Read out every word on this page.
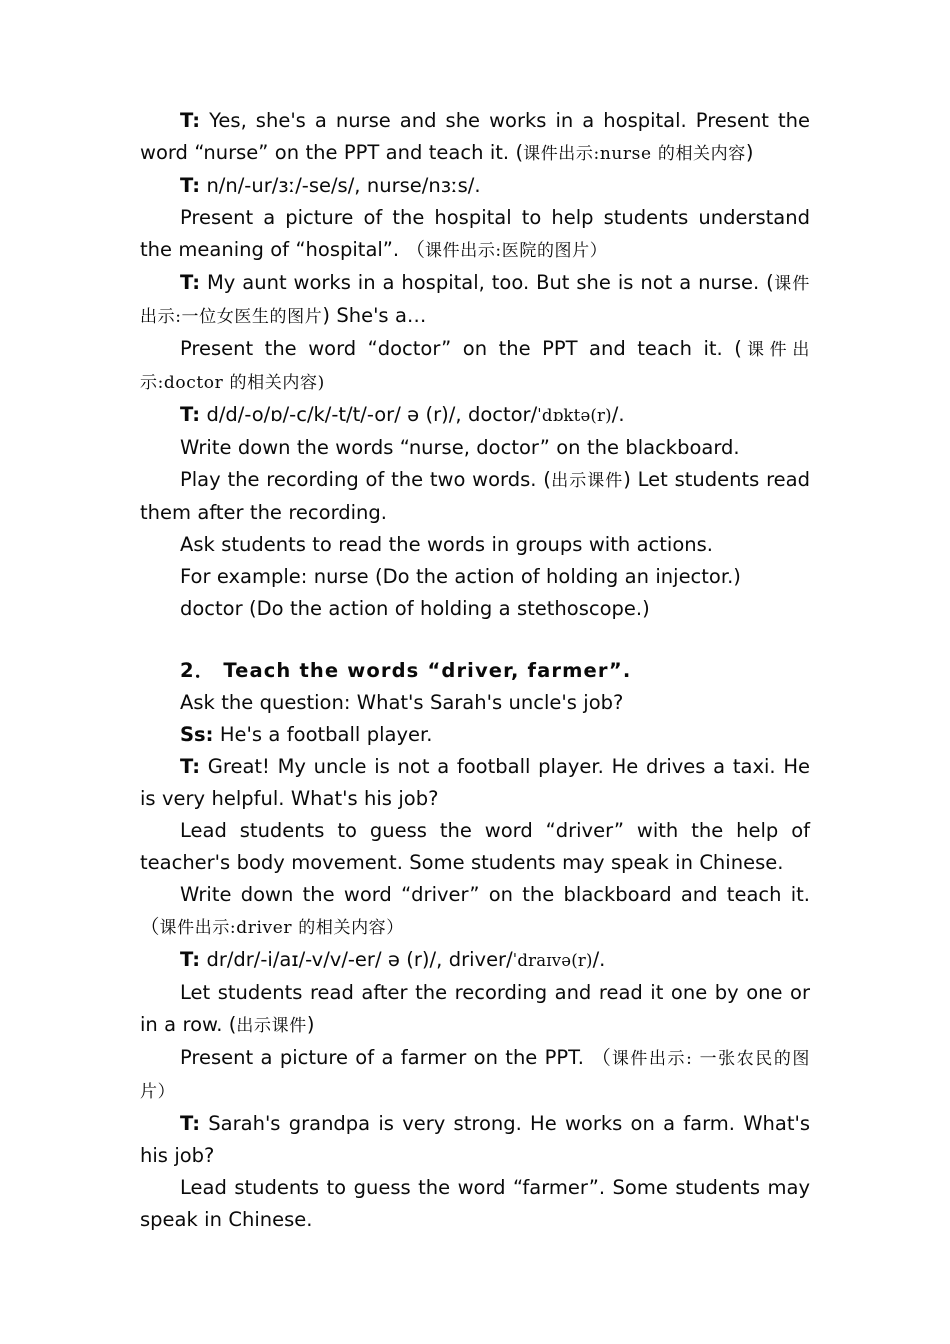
T: Yes, she's a nurse and she works in a hospital. Present the word “nurse” on the PPT and teach it. (课件出示:nurse 的相关内容)

T: n/n/-ur/ɜː/-se/s/, nurse/nɜːs/.

Present a picture of the hospital to help students understand the meaning of “hospital”. （课件出示:医院的图片）

T: My aunt works in a hospital, too. But she is not a nurse. (课件出示:一位女医生的图片) She's a…

Present the word “doctor” on the PPT and teach it. (课件出示:doctor 的相关内容)

T: d/d/-o/ɒ/-c/k/-t/t/-or/ ə (r)/, doctor/ˈdɒktə(r)/.

Write down the words “nurse, doctor” on the blackboard.

Play the recording of the two words. (出示课件) Let students read them after the recording.

Ask students to read the words in groups with actions.

For example: nurse (Do the action of holding an injector.)

doctor (Do the action of holding a stethoscope.)

2． Teach the words “driver, farmer”.

Ask the question: What's Sarah's uncle's job?

Ss: He's a football player.

T: Great! My uncle is not a football player. He drives a taxi. He is very helpful. What's his job?

Lead students to guess the word “driver” with the help of teacher's body movement. Some students may speak in Chinese.

Write down the word “driver” on the blackboard and teach it. （课件出示:driver 的相关内容）

T: dr/dr/-i/aɪ/-v/v/-er/ ə (r)/, driver/ˈdraɪvə(r)/.

Let students read after the recording and read it one by one or in a row. (出示课件)

Present a picture of a farmer on the PPT. （课件出示: 一张农民的图片）

T: Sarah's grandpa is very strong. He works on a farm. What's his job?

Lead students to guess the word “farmer”. Some students may speak in Chinese.
